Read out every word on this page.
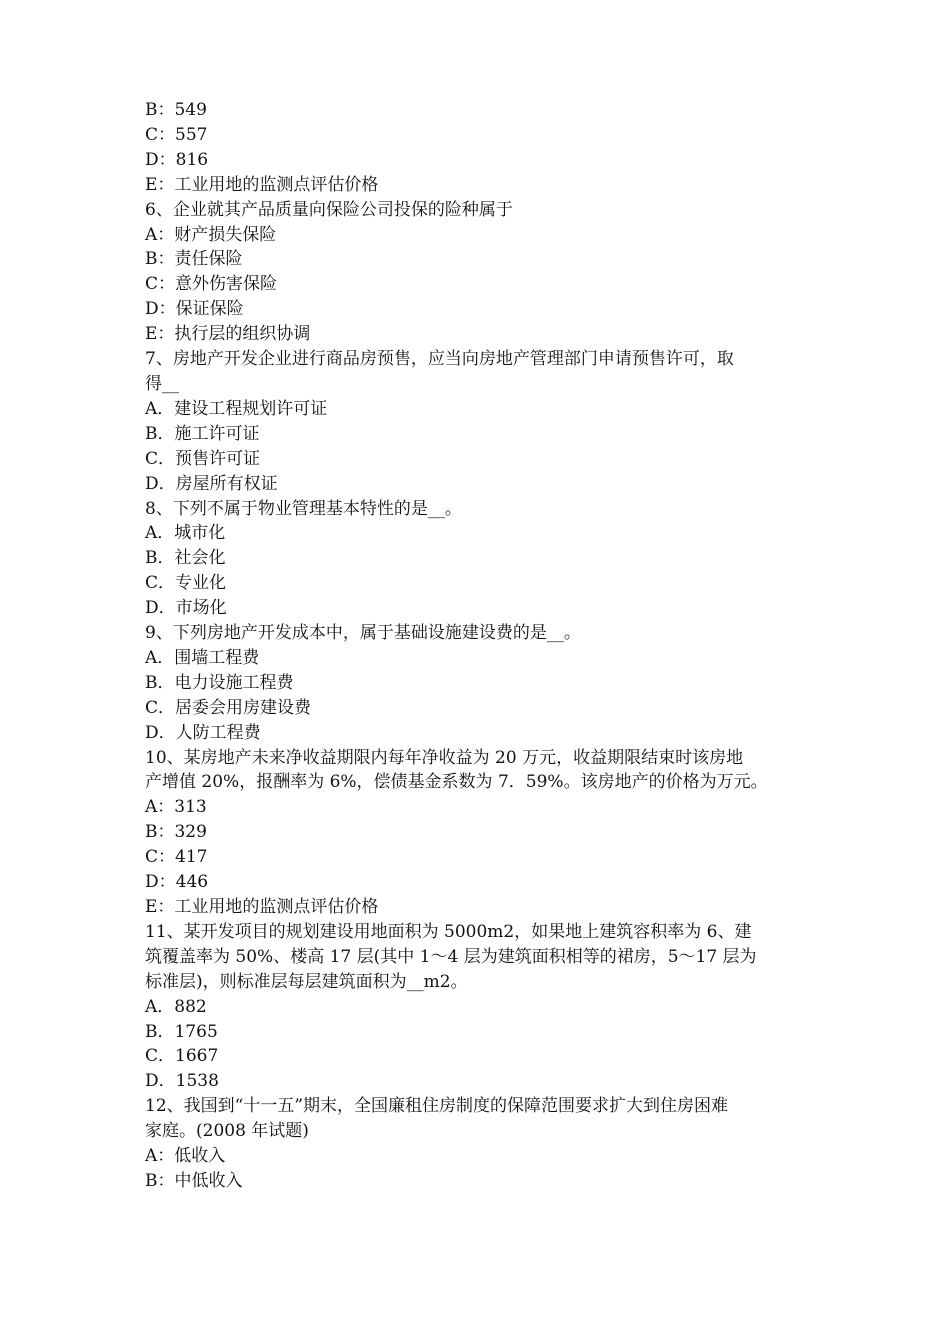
B：549
C：557
D：816
E：工业用地的监测点评估价格
6、企业就其产品质量向保险公司投保的险种属于
A：财产损失保险
B：责任保险
C：意外伤害保险
D：保证保险
E：执行层的组织协调
7、房地产开发企业进行商品房预售，应当向房地产管理部门申请预售许可，取
得__
A．建设工程规划许可证
B．施工许可证
C．预售许可证
D．房屋所有权证
8、下列不属于物业管理基本特性的是__。
A．城市化
B．社会化
C．专业化
D．市场化
9、下列房地产开发成本中，属于基础设施建设费的是__。
A．围墙工程费
B．电力设施工程费
C．居委会用房建设费
D．人防工程费
10、某房地产未来净收益期限内每年净收益为 20 万元，收益期限结束时该房地
产增值 20%，报酬率为 6%，偿债基金系数为 7．59%。该房地产的价格为万元。
A：313
B：329
C：417
D：446
E：工业用地的监测点评估价格
11、某开发项目的规划建设用地面积为 5000m2，如果地上建筑容积率为 6、建
筑覆盖率为 50%、楼高 17 层(其中 1～4 层为建筑面积相等的裙房，5～17 层为
标准层)，则标准层每层建筑面积为__m2。
A．882
B．1765
C．1667
D．1538
12、我国到“十一五”期末，全国廉租住房制度的保障范围要求扩大到住房困难
家庭。(2008 年试题)
A：低收入
B：中低收入
